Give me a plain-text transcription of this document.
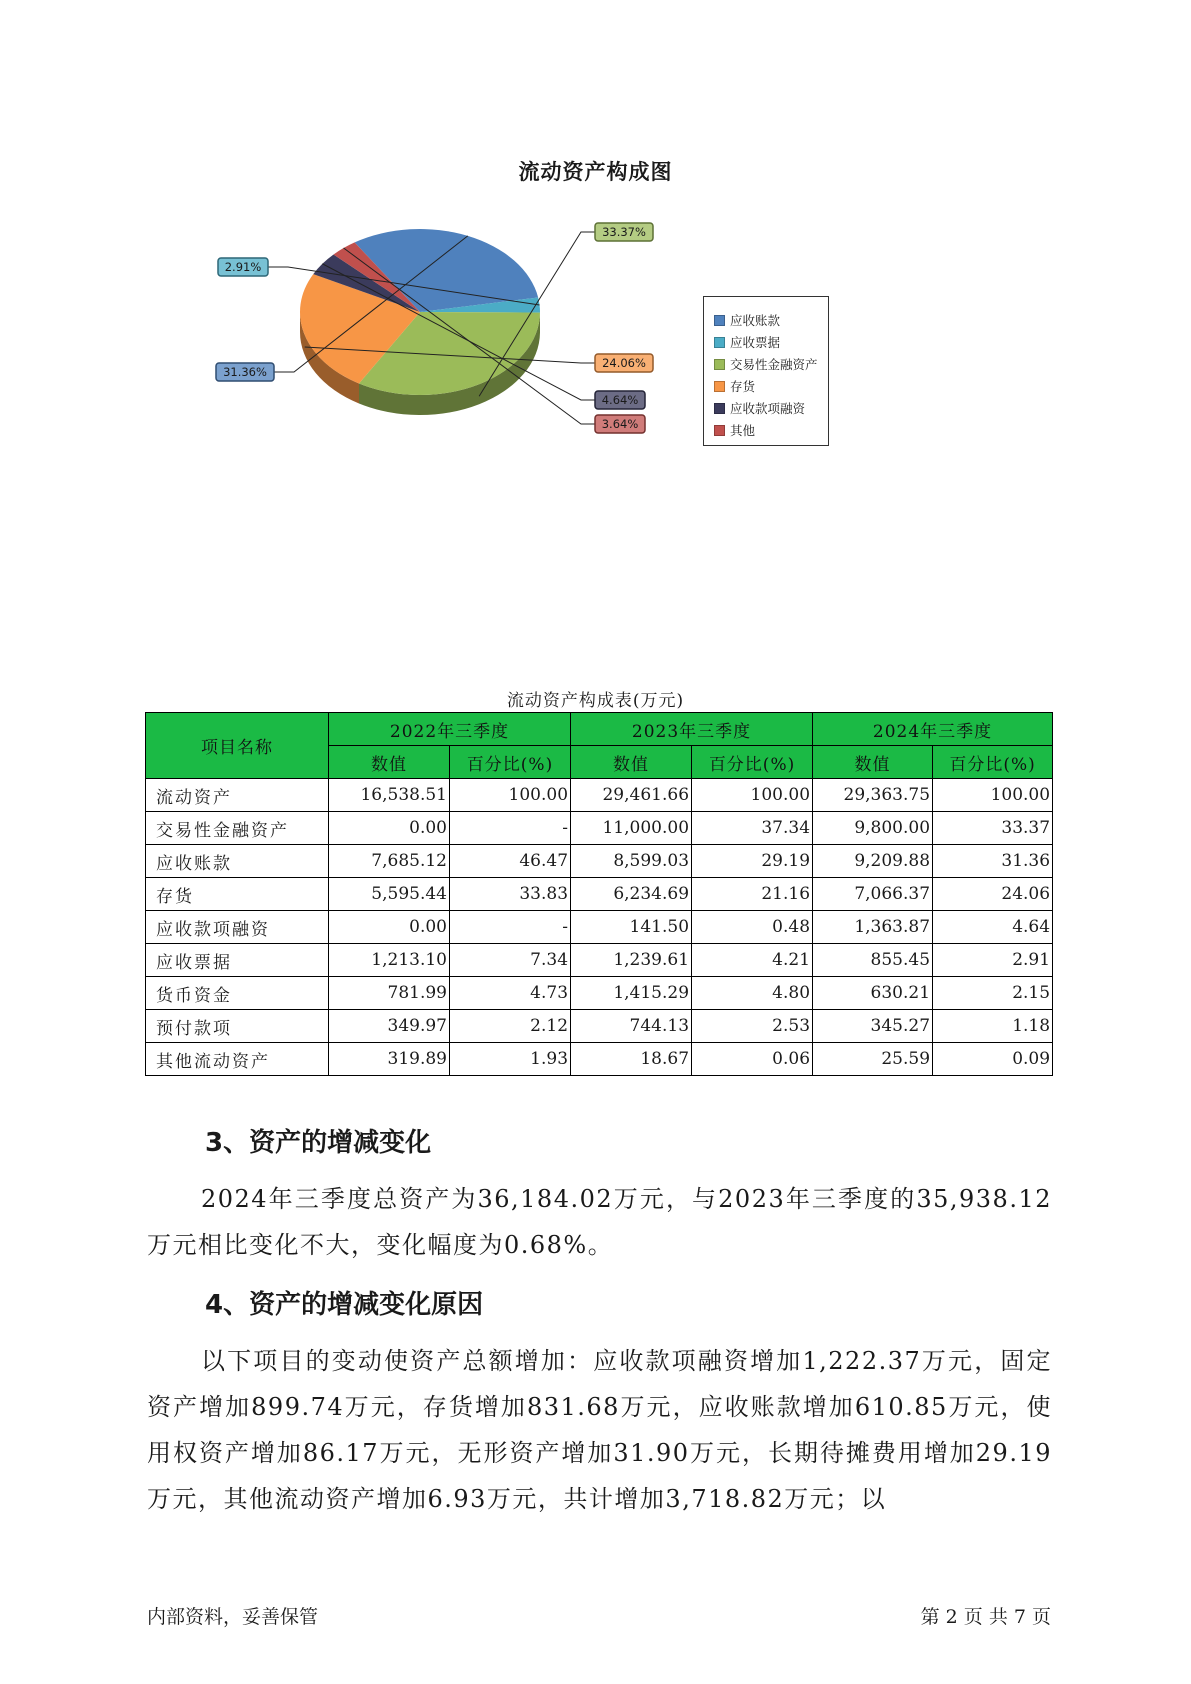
流动资产构成图
31.36%
2.91%
33.37%
24.06%
4.64%
3.64%
应收账款
应收票据
交易性金融资产
存货
应收款项融资
其他
流动资产构成表(万元)
项目名称	2022年三季度		2023年三季度		2024年三季度	
	数值	百分比(%)	数值	百分比(%)	数值	百分比(%)
流动资产	16,538.51	100.00	29,461.66	100.00	29,363.75	100.00
交易性金融资产	0.00	-	11,000.00	37.34	9,800.00	33.37
应收账款	7,685.12	46.47	8,599.03	29.19	9,209.88	31.36
存货	5,595.44	33.83	6,234.69	21.16	7,066.37	24.06
应收款项融资	0.00	-	141.50	0.48	1,363.87	4.64
应收票据	1,213.10	7.34	1,239.61	4.21	855.45	2.91
货币资金	781.99	4.73	1,415.29	4.80	630.21	2.15
预付款项	349.97	2.12	744.13	2.53	345.27	1.18
其他流动资产	319.89	1.93	18.67	0.06	25.59	0.09
3、资产的增减变化

2024年三季度总资产为36,184.02万元，与2023年三季度的35,938.12万元相比变化不大，变化幅度为0.68%。

4、资产的增减变化原因

以下项目的变动使资产总额增加：应收款项融资增加1,222.37万元，固定资产增加899.74万元，存货增加831.68万元，应收账款增加610.85万元，使用权资产增加86.17万元，无形资产增加31.90万元，长期待摊费用增加29.19万元，其他流动资产增加6.93万元，共计增加3,718.82万元；以

内部资料，妥善保管	第 2 页 共 7 页
